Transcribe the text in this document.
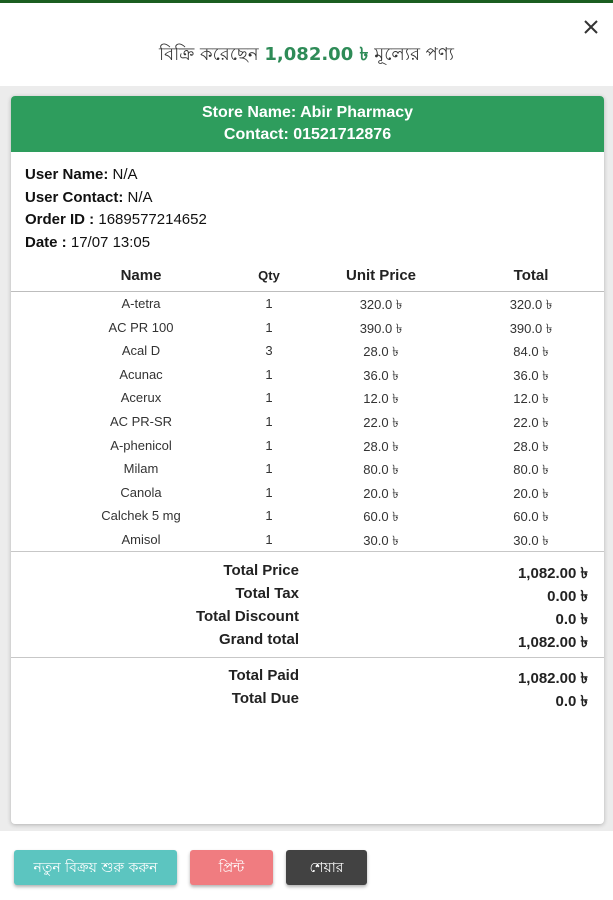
বিক্রি করেছেন 1,082.00 ৳ মূল্যের পণ্য
Store Name: Abir Pharmacy
Contact: 01521712876
User Name: N/A
User Contact: N/A
Order ID : 1689577214652
Date : 17/07 13:05
Name	Qty	Unit Price	Total
A-tetra	1	320.0 ৳	320.0 ৳
AC PR 100	1	390.0 ৳	390.0 ৳
Acal D	3	28.0 ৳	84.0 ৳
Acunac	1	36.0 ৳	36.0 ৳
Acerux	1	12.0 ৳	12.0 ৳
AC PR-SR	1	22.0 ৳	22.0 ৳
A-phenicol	1	28.0 ৳	28.0 ৳
Milam	1	80.0 ৳	80.0 ৳
Canola	1	20.0 ৳	20.0 ৳
Calchek 5 mg	1	60.0 ৳	60.0 ৳
Amisol	1	30.0 ৳	30.0 ৳
Total Price	1,082.00 ৳
Total Tax	0.00 ৳
Total Discount	0.0 ৳
Grand total	1,082.00 ৳
Total Paid	1,082.00 ৳
Total Due	0.0 ৳
নতুন বিক্রয় শুরু করুন	প্রিন্ট	শেয়ার
